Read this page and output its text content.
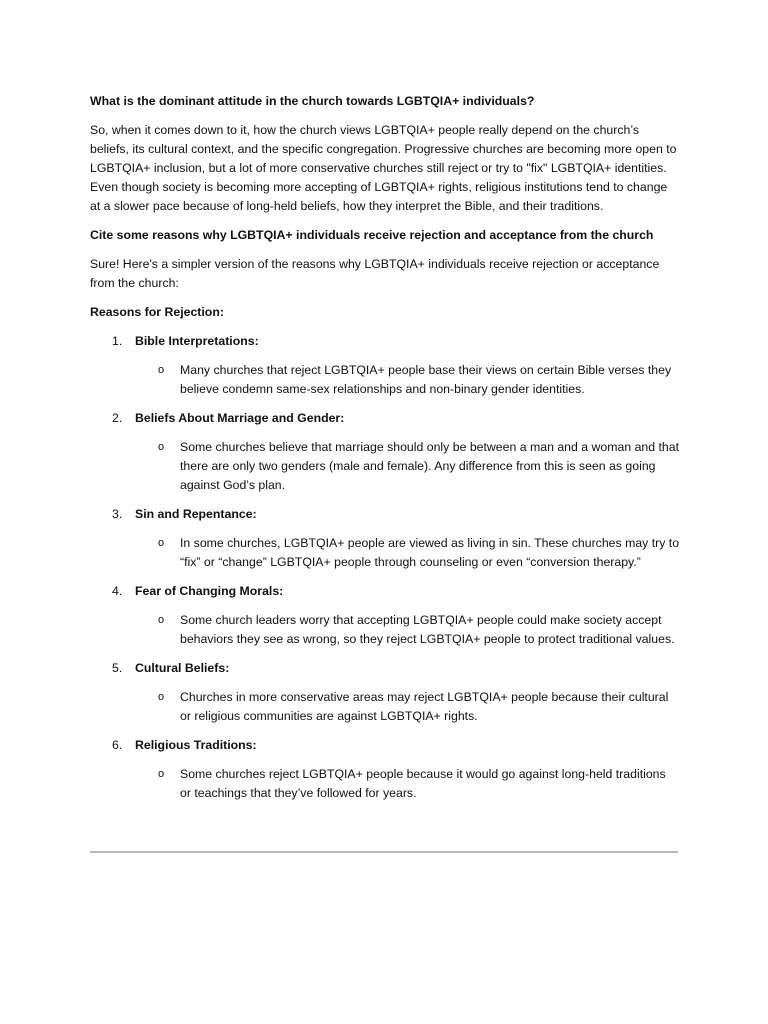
What is the dominant attitude in the church towards LGBTQIA+ individuals?

So, when it comes down to it, how the church views LGBTQIA+ people really depend on the church’s beliefs, its cultural context, and the specific congregation. Progressive churches are becoming more open to LGBTQIA+ inclusion, but a lot of more conservative churches still reject or try to "fix" LGBTQIA+ identities. Even though society is becoming more accepting of LGBTQIA+ rights, religious institutions tend to change at a slower pace because of long-held beliefs, how they interpret the Bible, and their traditions.

Cite some reasons why LGBTQIA+ individuals receive rejection and acceptance from the church

Sure! Here's a simpler version of the reasons why LGBTQIA+ individuals receive rejection or acceptance from the church:

Reasons for Rejection:

1. Bible Interpretations:
o Many churches that reject LGBTQIA+ people base their views on certain Bible verses they believe condemn same-sex relationships and non-binary gender identities.
2. Beliefs About Marriage and Gender:
o Some churches believe that marriage should only be between a man and a woman and that there are only two genders (male and female). Any difference from this is seen as going against God’s plan.
3. Sin and Repentance:
o In some churches, LGBTQIA+ people are viewed as living in sin. These churches may try to “fix” or “change” LGBTQIA+ people through counseling or even “conversion therapy.”
4. Fear of Changing Morals:
o Some church leaders worry that accepting LGBTQIA+ people could make society accept behaviors they see as wrong, so they reject LGBTQIA+ people to protect traditional values.
5. Cultural Beliefs:
o Churches in more conservative areas may reject LGBTQIA+ people because their cultural or religious communities are against LGBTQIA+ rights.
6. Religious Traditions:
o Some churches reject LGBTQIA+ people because it would go against long-held traditions or teachings that they’ve followed for years.
